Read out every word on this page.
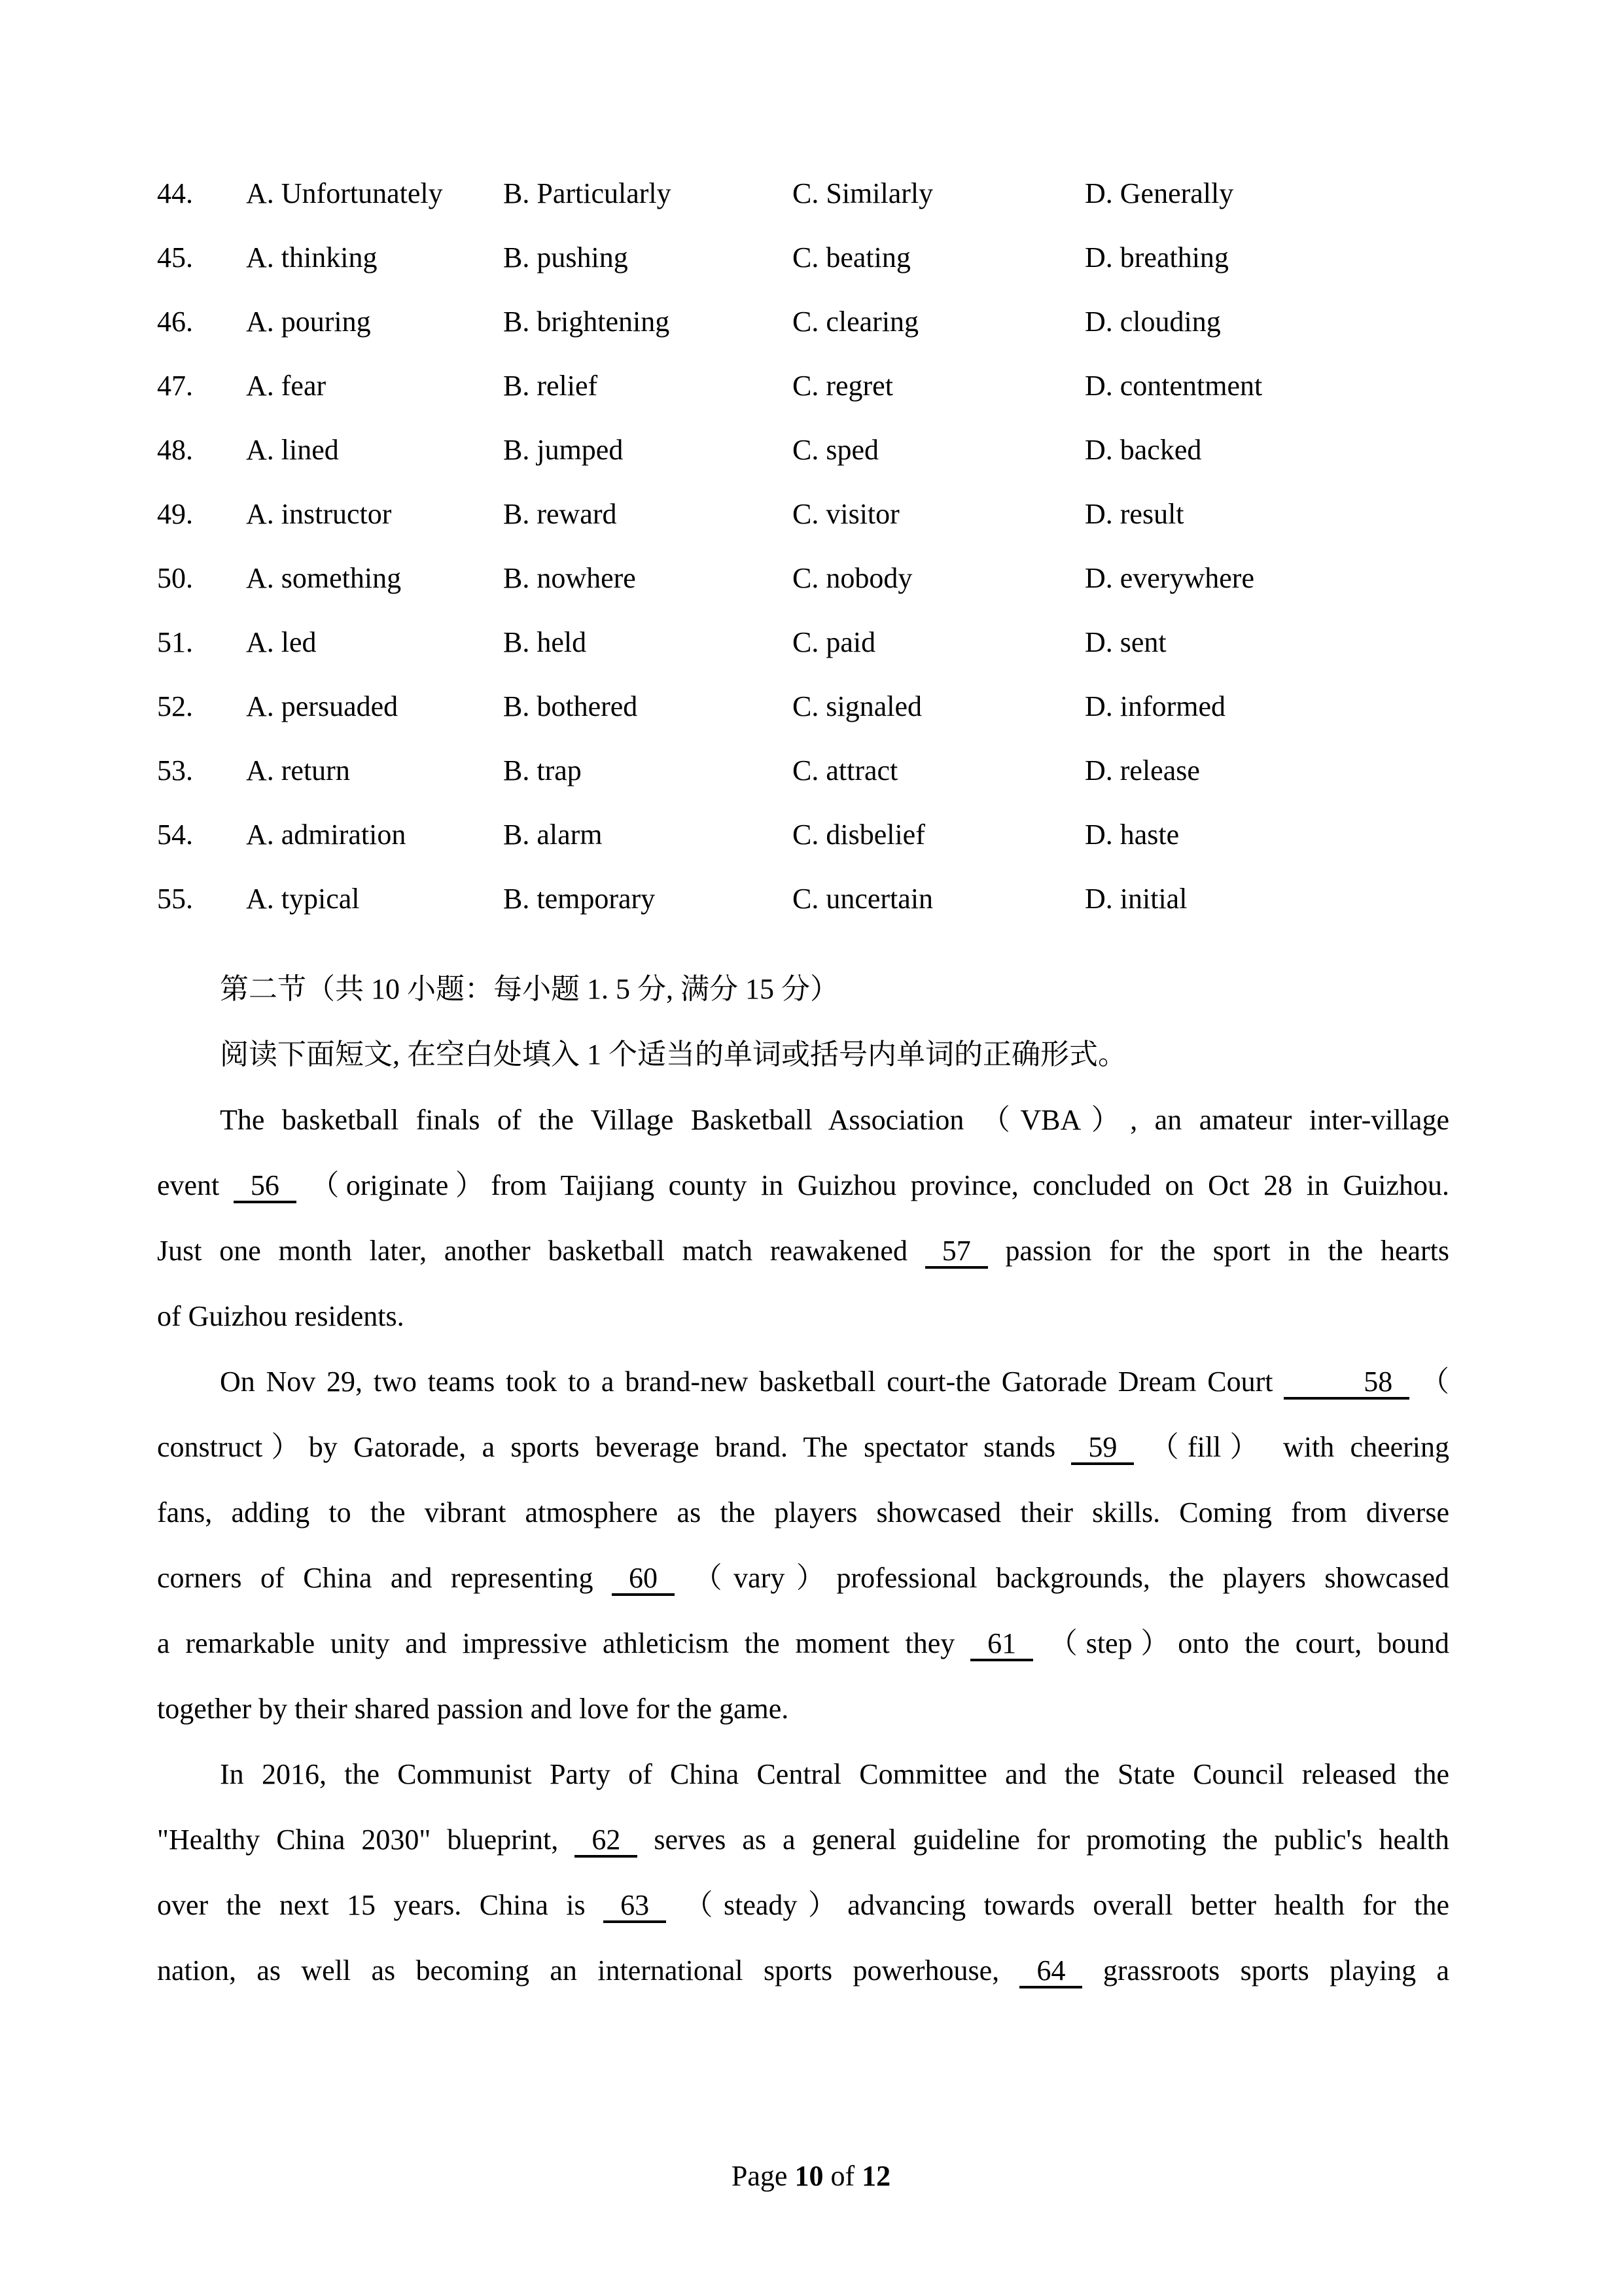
44.	A. Unfortunately	B. Particularly	C. Similarly	D. Generally
45.	A. thinking	B. pushing	C. beating	D. breathing
46.	A. pouring	B. brightening	C. clearing	D. clouding
47.	A. fear	B. relief	C. regret	D. contentment
48.	A. lined	B. jumped	C. sped	D. backed
49.	A. instructor	B. reward	C. visitor	D. result
50.	A. something	B. nowhere	C. nobody	D. everywhere
51.	A. led	B. held	C. paid	D. sent
52.	A. persuaded	B. bothered	C. signaled	D. informed
53.	A. return	B. trap	C. attract	D. release
54.	A. admiration	B. alarm	C. disbelief	D. haste
55.	A. typical	B. temporary	C. uncertain	D. initial
第二节（共 10 小题：每小题 1. 5 分, 满分 15 分）
阅读下面短文, 在空白处填入 1 个适当的单词或括号内单词的正确形式。
The basketball finals of the Village Basketball Association （VBA）, an amateur inter-village
event   56   （originate）from Taijiang county in Guizhou province, concluded on Oct 28 in Guizhou.
Just one month later, another basketball match reawakened   57   passion for the sport in the hearts
of Guizhou residents.
On Nov 29, two teams took to a brand-new basketball court-the Gatorade Dream Court   58   （
construct）by Gatorade, a sports beverage brand. The spectator stands   59   （fill） with cheering
fans, adding to the vibrant atmosphere as the players showcased their skills. Coming from diverse
corners of China and representing   60   （vary）professional backgrounds, the players showcased
a remarkable unity and impressive athleticism the moment they   61   （step）onto the court, bound
together by their shared passion and love for the game.
In 2016, the Communist Party of China Central Committee and the State Council released the
"Healthy China 2030" blueprint,   62   serves as a general guideline for promoting the public's health
over the next 15 years. China is   63   （steady）advancing towards overall better health for the
nation, as well as becoming an international sports powerhouse,   64   grassroots sports playing a
Page 10 of 12
